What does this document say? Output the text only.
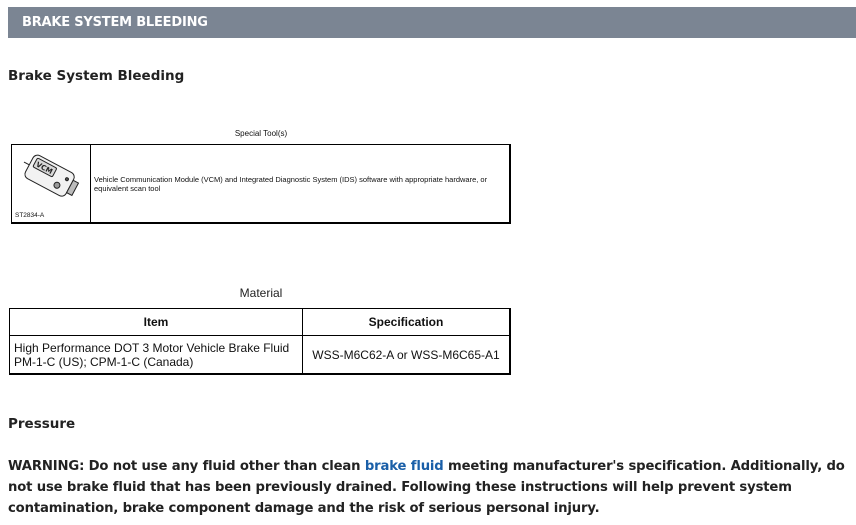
BRAKE SYSTEM BLEEDING
Brake System Bleeding
Special Tool(s)
VCM
ST2834-A
Vehicle Communication Module (VCM) and Integrated Diagnostic System (IDS) software with appropriate hardware, or equivalent scan tool
Material
Item	Specification
High Performance DOT 3 Motor Vehicle Brake Fluid
PM-1-C (US); CPM-1-C (Canada)	WSS-M6C62-A or WSS-M6C65-A1
Pressure
WARNING: Do not use any fluid other than clean brake fluid meeting manufacturer's specification. Additionally, do not use brake fluid that has been previously drained. Following these instructions will help prevent system contamination, brake component damage and the risk of serious personal injury.
